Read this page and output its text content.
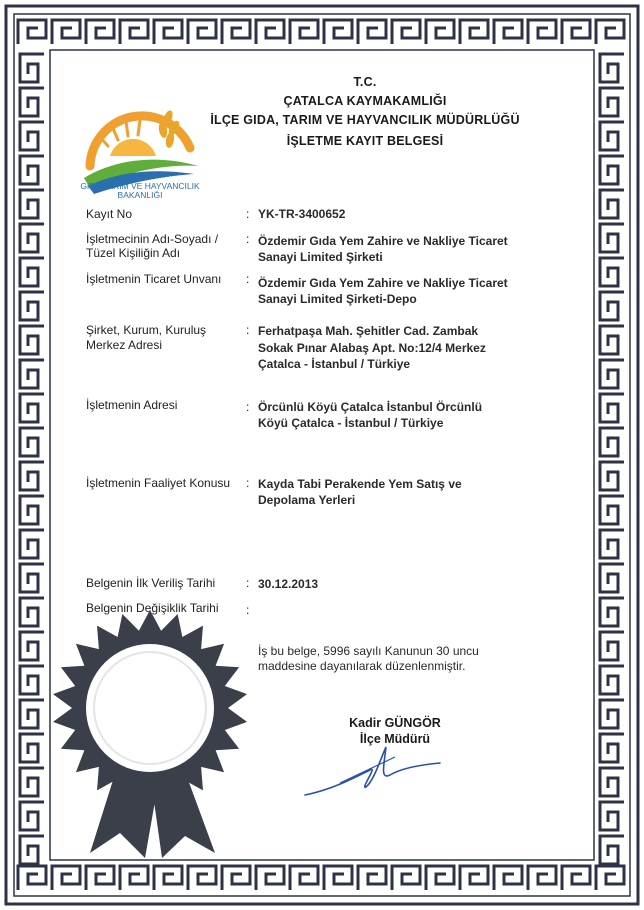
T.C.
ÇATALCA KAYMAKAMLIĞI
İLÇE GIDA, TARIM VE HAYVANCILIK MÜDÜRLÜĞÜ
İŞLETME KAYIT BELGESİ
T.C.
GIDA TARIM VE HAYVANCILIK
BAKANLIĞI
Kayıt No	: YK-TR-3400652
İşletmecinin Adı-Soyadı /
Tüzel Kişiliğin Adı
: Özdemir Gıda Yem Zahire ve Nakliye Ticaret
Sanayi Limited Şirketi
İşletmenin Ticaret Unvanı : Özdemir Gıda Yem Zahire ve Nakliye Ticaret
Sanayi Limited Şirketi-Depo
Şirket, Kurum, Kuruluş
Merkez Adresi
: Ferhatpaşa Mah. Şehitler Cad. Zambak
Sokak Pınar Alabaş Apt. No:12/4 Merkez
Çatalca - İstanbul / Türkiye
İşletmenin Adresi	: Örcünlü Köyü Çatalca İstanbul Örcünlü
Köyü Çatalca - İstanbul / Türkiye
İşletmenin Faaliyet Konusu : Kayda Tabi Perakende Yem Satış ve
Depolama Yerleri
Belgenin İlk Veriliş Tarihi	: 30.12.2013
Belgenin Değişiklik Tarihi :
İş bu belge, 5996 sayılı Kanunun 30 uncu
maddesine dayanılarak düzenlenmiştir.
Kadir GÜNGÖR
İlçe Müdürü
